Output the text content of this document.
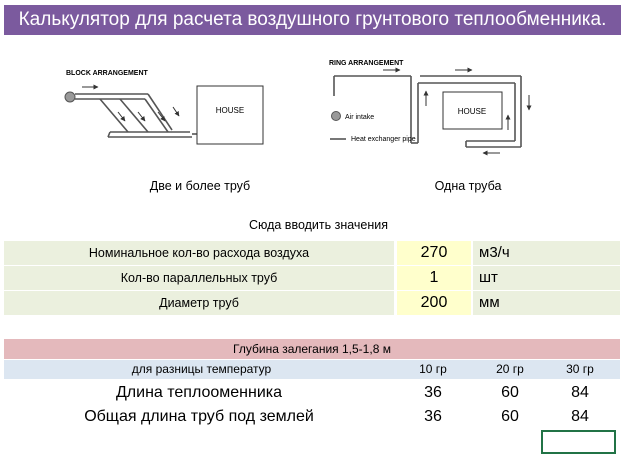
Калькулятор для расчета воздушного грунтового теплообменника.
BLOCK ARRANGEMENT
HOUSE
RING ARRANGEMENT
HOUSE
Air intake
Heat exchanger pipe
Две и более труб	Одна труба
Сюда вводить значения
Номинальное кол-во расхода воздуха	270	м3/ч
Кол-во параллельных труб	1	шт
Диаметр труб	200	мм
Глубина залегания 1,5-1,8 м
для разницы температур	10 гр	20 гр	30 гр
Длина теплооменника	36	60	84
Общая длина труб под землей	36	60	84
